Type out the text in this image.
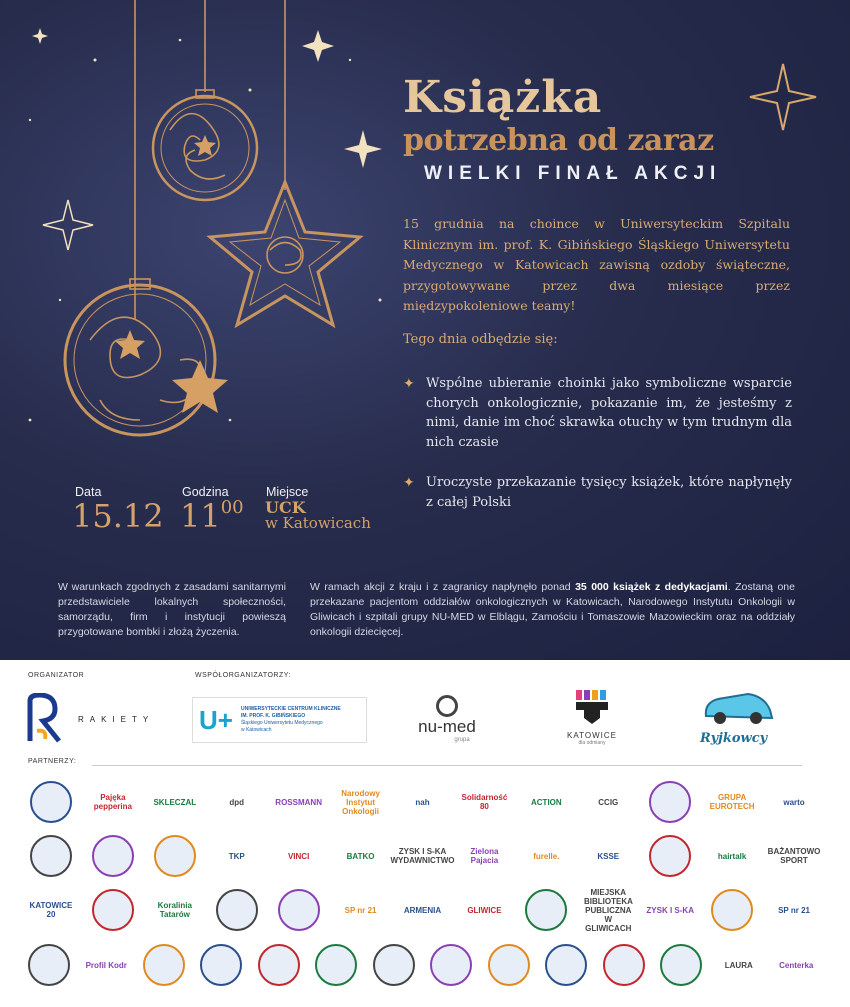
Książka
potrzebna od zaraz
WIELKI FINAŁ AKCJI
15 grudnia na choince w Uniwersyteckim Szpitalu Klinicznym im. prof. K. Gibińskiego Śląskiego Uniwersytetu Medycznego w Katowicach zawisną ozdoby świąteczne, przygotowywane przez dwa miesiące przez międzypokoleniowe teamy!
Tego dnia odbędzie się:
✦ Wspólne ubieranie choinki jako symboliczne wsparcie chorych onkologicznie, pokazanie im, że jesteśmy z nimi, danie im choć skrawka otuchy w tym trudnym dla nich czasie
✦ Uroczyste przekazanie tysięcy książek, które napłynęły z całej Polski
Data
15.12
Godzina
1100
Miejsce
UCK
w Katowicach
W warunkach zgodnych z zasadami sanitarnymi przedstawiciele lokalnych społeczności, samorządu, firm i instytucji powieszą przygotowane bombki i złożą życzenia.
W ramach akcji z kraju i z zagranicy napłynęło ponad 35 000 książek z dedykacjami. Zostaną one przekazane pacjentom oddziałów onkologicznych w Katowicach, Narodowego Instytutu Onkologii w Gliwicach i szpitali grupy NU-MED w Elblągu, Zamościu i Tomaszowie Mazowieckim oraz na oddziały onkologii dziecięcej.
ORGANIZATOR	WSPÓŁORGANIZATORZY:
RAKIETY U+ UNIWERSYTECKIE CENTRUM KLINICZNE
IM. PROF. K. GIBIŃSKIEGO
Śląskiego Uniwersytetu Medycznego
w Katowicach	nu-med
grupa	KATOWICE
dla odmiany	Ryjkowcy
PARTNERZY:
Pajęka pepperina	SKLECZAL	dpd	ROSSMANN
Narodowy Instytut Onkologii
nah	Solidarność 80	ACTION	CCIG	GRUPA EUROTECH	warto
TKP	VINCI	BATKO	ZYSK I S-KA WYDAWNICTWO
Zielona Pajacia	furelle.	KSSE	hairtalk	BAŻANTOWO SPORT
KATOWICE 20
Koralinia Tatarów	SP nr 21	ARMENIA	GLIWICE
MIEJSKA BIBLIOTEKA PUBLICZNA W GLIWICACH
ZYSK I S-KA	SP nr 21
Profil Kodr	LAURA	Centerka
